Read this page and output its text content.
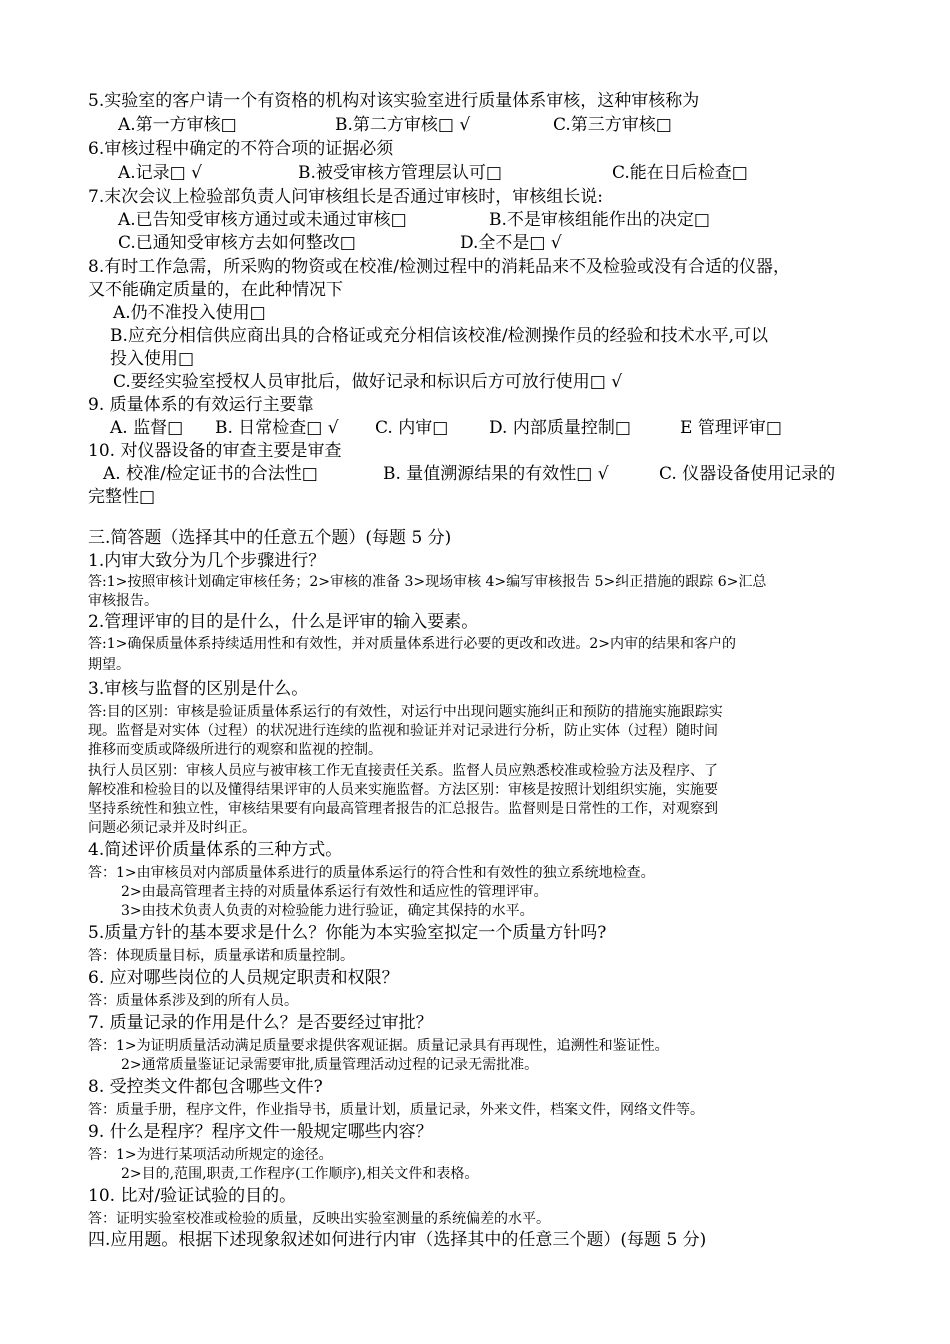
5.实验室的客户请一个有资格的机构对该实验室进行质量体系审核，这种审核称为
A.第一方审核□	B.第二方审核□ √	C.第三方审核□
6.审核过程中确定的不符合项的证据必须
A.记录□ √	B.被受审核方管理层认可□	C.能在日后检查□
7.末次会议上检验部负责人问审核组长是否通过审核时，审核组长说:
A.已告知受审核方通过或未通过审核□	B.不是审核组能作出的决定□
C.已通知受审核方去如何整改□	D.全不是□ √
8.有时工作急需，所采购的物资或在校准/检测过程中的消耗品来不及检验或没有合适的仪器，
又不能确定质量的，在此种情况下
A.仍不准投入使用□
B.应充分相信供应商出具的合格证或充分相信该校准/检测操作员的经验和技术水平,可以
投入使用□
C.要经实验室授权人员审批后，做好记录和标识后方可放行使用□ √
9. 质量体系的有效运行主要靠
A. 监督□ B. 日常检查□ √ C. 内审□ D. 内部质量控制□	E 管理评审□
10. 对仪器设备的审查主要是审查
A. 校准/检定证书的合法性□	B. 量值溯源结果的有效性□ √	C. 仪器设备使用记录的
完整性□
三.简答题（选择其中的任意五个题）(每题 5 分)
1.内审大致分为几个步骤进行？
答:1>按照审核计划确定审核任务；2>审核的准备 3>现场审核 4>编写审核报告 5>纠正措施的跟踪 6>汇总
审核报告。
2.管理评审的目的是什么，什么是评审的输入要素。
答:1>确保质量体系持续适用性和有效性，并对质量体系进行必要的更改和改进。2>内审的结果和客户的
期望。
3.审核与监督的区别是什么。
答:目的区别：审核是验证质量体系运行的有效性，对运行中出现问题实施纠正和预防的措施实施跟踪实
现。监督是对实体（过程）的状况进行连续的监视和验证并对记录进行分析，防止实体（过程）随时间
推移而变质或降级所进行的观察和监视的控制。
执行人员区别：审核人员应与被审核工作无直接责任关系。监督人员应熟悉校准或检验方法及程序、了
解校准和检验目的以及懂得结果评审的人员来实施监督。方法区别：审核是按照计划组织实施，实施要
坚持系统性和独立性，审核结果要有向最高管理者报告的汇总报告。监督则是日常性的工作，对观察到
问题必须记录并及时纠正。
4.简述评价质量体系的三种方式。
答：1>由审核员对内部质量体系进行的质量体系运行的符合性和有效性的独立系统地检查。
2>由最高管理者主持的对质量体系运行有效性和适应性的管理评审。
3>由技术负责人负责的对检验能力进行验证，确定其保持的水平。
5.质量方针的基本要求是什么？你能为本实验室拟定一个质量方针吗?
答：体现质量目标，质量承诺和质量控制。
6. 应对哪些岗位的人员规定职责和权限？
答：质量体系涉及到的所有人员。
7. 质量记录的作用是什么？是否要经过审批？
答：1>为证明质量活动满足质量要求提供客观证据。质量记录具有再现性，追溯性和鉴证性。
2>通常质量鉴证记录需要审批,质量管理活动过程的记录无需批准。
8. 受控类文件都包含哪些文件?
答：质量手册，程序文件，作业指导书，质量计划，质量记录，外来文件，档案文件，网络文件等。
9. 什么是程序？程序文件一般规定哪些内容？
答：1>为进行某项活动所规定的途径。
2>目的,范围,职责,工作程序(工作顺序),相关文件和表格。
10. 比对/验证试验的目的。
答：证明实验室校准或检验的质量，反映出实验室测量的系统偏差的水平。
四.应用题。根据下述现象叙述如何进行内审（选择其中的任意三个题）(每题 5 分)
